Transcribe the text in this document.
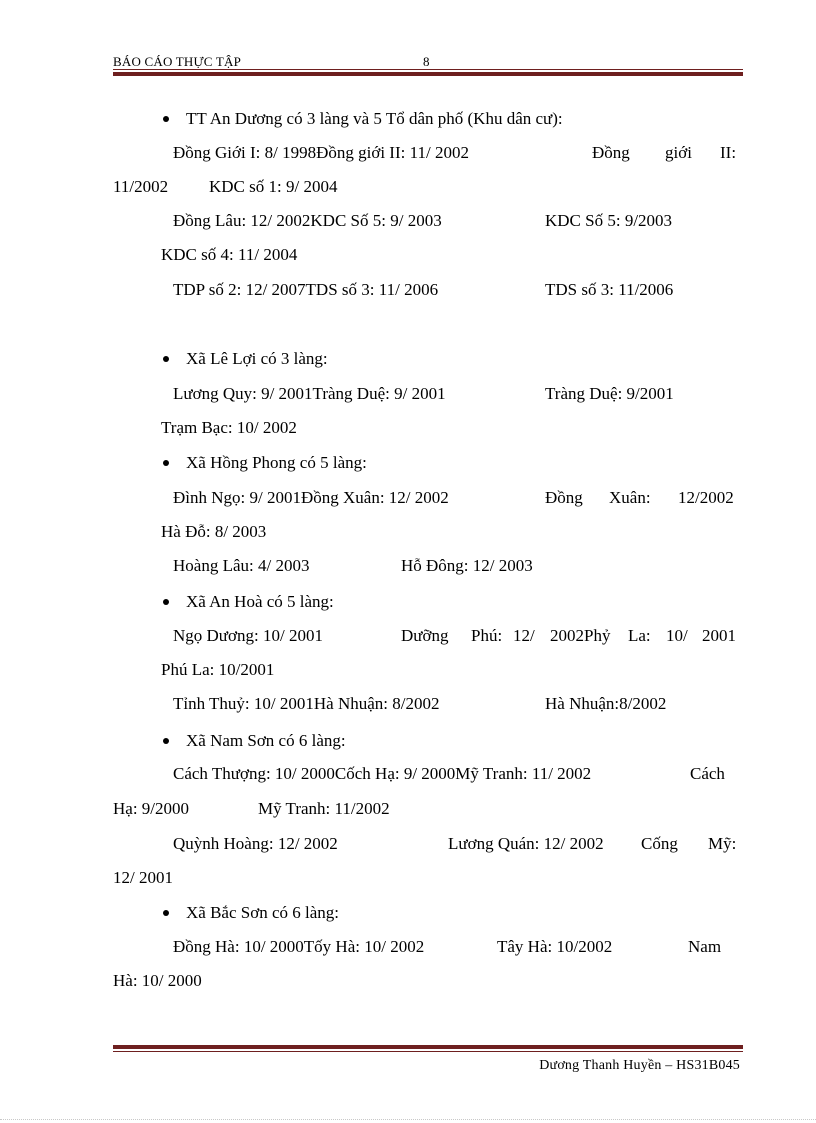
BÁO CÁO THỰC TẬP	8
TT An Dương có 3 làng và 5 Tổ dân phố (Khu dân cư):
Đồng Giới I: 8/ 1998Đồng giới II: 11/ 2002	Đồng giới II:
11/2002 KDC số 1: 9/ 2004
Đồng Lâu: 12/ 2002KDC Số 5: 9/ 2003	KDC Số 5: 9/2003
KDC số 4: 11/ 2004
TDP số 2: 12/ 2007TDS số 3: 11/ 2006	TDS số 3: 11/2006
Xã Lê Lợi có 3 làng:
Lương Quy: 9/ 2001Tràng Duệ: 9/ 2001	Tràng Duệ: 9/2001
Trạm Bạc: 10/ 2002
Xã Hồng Phong có 5 làng:
Đình Ngọ: 9/ 2001Đồng Xuân: 12/ 2002	Đồng Xuân: 12/2002
Hà Đỗ: 8/ 2003
Hoàng Lâu: 4/ 2003	Hỗ Đông: 12/ 2003
Xã An Hoà có 5 làng:
Ngọ Dương: 10/ 2001	Dưỡng Phú: 12/ 2002Phỷ La: 10/ 2001
Phú La: 10/2001
Tỉnh Thuỷ: 10/ 2001Hà Nhuận: 8/2002	Hà Nhuận:8/2002
Xã Nam Sơn có 6 làng:
Cách Thượng: 10/ 2000Cốch Hạ: 9/ 2000Mỹ Tranh: 11/ 2002	Cách
Hạ: 9/2000	Mỹ Tranh: 11/2002
Quỳnh Hoàng: 12/ 2002	Lương Quán: 12/ 2002 Cống Mỹ:
12/ 2001
Xã Bắc Sơn có 6 làng:
Đồng Hà: 10/ 2000Tốy Hà: 10/ 2002	Tây Hà: 10/2002	Nam
Hà: 10/ 2000
Dương Thanh Huyền – HS31B045
